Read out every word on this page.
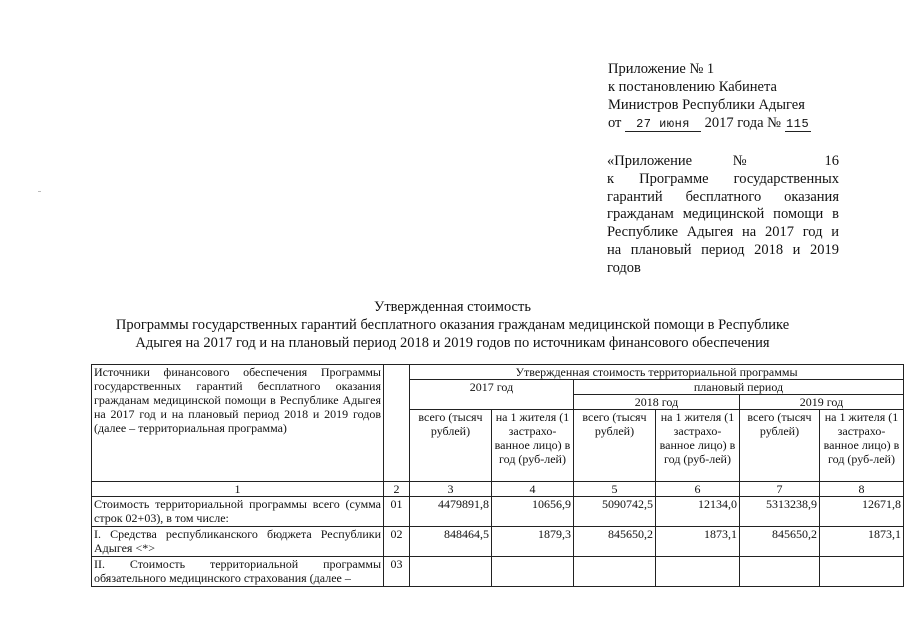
Приложение № 1
к постановлению Кабинета
Министров Республики Адыгея
от 27 июня 2017 года № 115
«Приложение № 16
к Программе государственных
гарантий бесплатного оказания
гражданам медицинской помощи в
Республике Адыгея на 2017 год и
на плановый период 2018 и 2019
годов
Утвержденная стоимость
Программы государственных гарантий бесплатного оказания гражданам медицинской помощи в Республике
Адыгея на 2017 год и на плановый период 2018 и 2019 годов по источникам финансового обеспечения
Источники финансового обеспечения Программы государственных гарантий бесплатного оказания гражданам медицинской помощи в Республике Адыгея на 2017 год и на плановый период 2018 и 2019 годов (далее – территориальная программа)		Утвержденная стоимость территориальной программы					
		2017 год		плановый период			
				2018 год		2019 год	
		всего (тысяч рублей)	на 1 жителя (1 застрахо-ванное лицо) в год (руб-лей)	всего (тысяч рублей)	на 1 жителя (1 застрахо-ванное лицо) в год (руб-лей)	всего (тысяч рублей)	на 1 жителя (1 застрахо-ванное лицо) в год (руб-лей)
1	2	3	4	5	6	7	8
Стоимость территориальной программы всего (сумма строк 02+03), в том числе:	01	4479891,8	10656,9	5090742,5	12134,0	5313238,9	12671,8
I. Средства республиканского бюджета Республики Адыгея <*>	02	848464,5	1879,3	845650,2	1873,1	845650,2	1873,1
II. Стоимость территориальной программы обязательного медицинского страхования (далее –	03						
